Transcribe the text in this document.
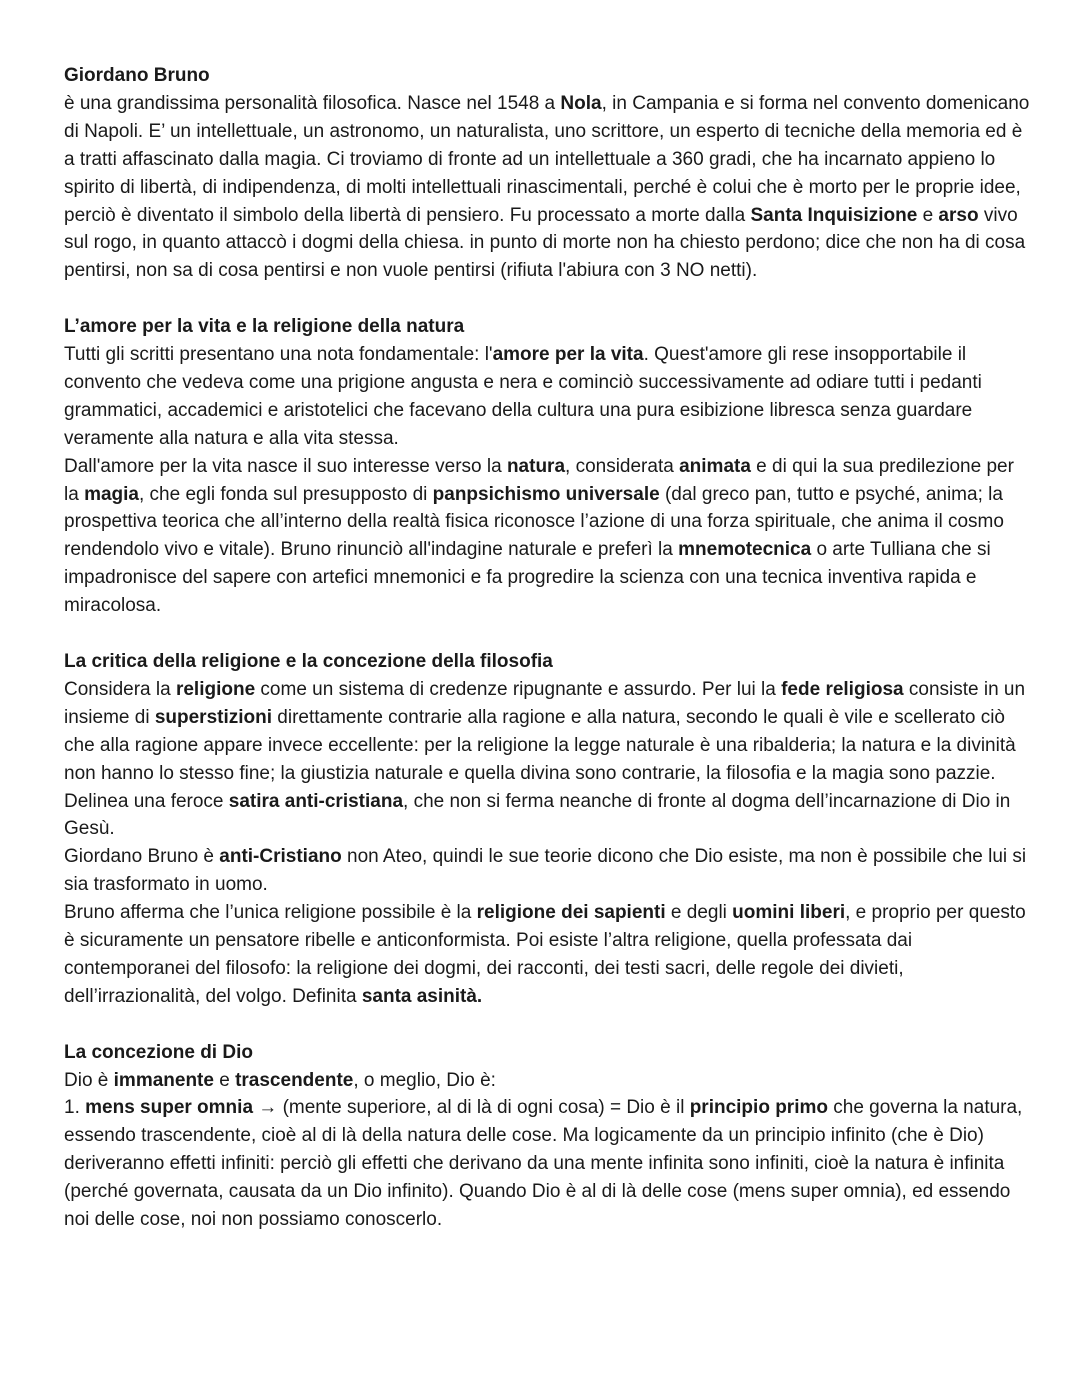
Giordano Bruno
è una grandissima personalità filosofica. Nasce nel 1548 a Nola, in Campania e si forma nel convento domenicano di Napoli. E’ un intellettuale, un astronomo, un naturalista, uno scrittore, un esperto di tecniche della memoria ed è a tratti affascinato dalla magia. Ci troviamo di fronte ad un intellettuale a 360 gradi, che ha incarnato appieno lo spirito di libertà, di indipendenza, di molti intellettuali rinascimentali, perché è colui che è morto per le proprie idee, perciò è diventato il simbolo della libertà di pensiero. Fu processato a morte dalla Santa Inquisizione e arso vivo sul rogo, in quanto attaccò i dogmi della chiesa. in punto di morte non ha chiesto perdono; dice che non ha di cosa pentirsi, non sa di cosa pentirsi e non vuole pentirsi (rifiuta l'abiura con 3 NO netti).
L’amore per la vita e la religione della natura
Tutti gli scritti presentano una nota fondamentale: l'amore per la vita. Quest'amore gli rese insopportabile il convento che vedeva come una prigione angusta e nera e cominciò successivamente ad odiare tutti i pedanti grammatici, accademici e aristotelici che facevano della cultura una pura esibizione libresca senza guardare veramente alla natura e alla vita stessa.
Dall'amore per la vita nasce il suo interesse verso la natura, considerata animata e di qui la sua predilezione per la magia, che egli fonda sul presupposto di panpsichismo universale (dal greco pan, tutto e psyché, anima; la prospettiva teorica che all’interno della realtà fisica riconosce l’azione di una forza spirituale, che anima il cosmo rendendolo vivo e vitale). Bruno rinunciò all'indagine naturale e preferì la mnemotecnica o arte Tulliana che si impadronisce del sapere con artefici mnemonici e fa progredire la scienza con una tecnica inventiva rapida e miracolosa.
La critica della religione e la concezione della filosofia
Considera la religione come un sistema di credenze ripugnante e assurdo. Per lui la fede religiosa consiste in un insieme di superstizioni direttamente contrarie alla ragione e alla natura, secondo le quali è vile e scellerato ciò che alla ragione appare invece eccellente: per la religione la legge naturale è una ribalderia; la natura e la divinità non hanno lo stesso fine; la giustizia naturale e quella divina sono contrarie, la filosofia e la magia sono pazzie.
Delinea una feroce satira anti-cristiana, che non si ferma neanche di fronte al dogma dell’incarnazione di Dio in Gesù.
Giordano Bruno è anti-Cristiano non Ateo, quindi le sue teorie dicono che Dio esiste, ma non è possibile che lui si sia trasformato in uomo.
Bruno afferma che l’unica religione possibile è la religione dei sapienti e degli uomini liberi, e proprio per questo è sicuramente un pensatore ribelle e anticonformista. Poi esiste l’altra religione, quella professata dai contemporanei del filosofo: la religione dei dogmi, dei racconti, dei testi sacri, delle regole dei divieti, dell’irrazionalità, del volgo. Definita santa asinità.
La concezione di Dio
Dio è immanente e trascendente, o meglio, Dio è:
1. mens super omnia → (mente superiore, al di là di ogni cosa) = Dio è il principio primo che governa la natura, essendo trascendente, cioè al di là della natura delle cose. Ma logicamente da un principio infinito (che è Dio) deriveranno effetti infiniti: perciò gli effetti che derivano da una mente infinita sono infiniti, cioè la natura è infinita (perché governata, causata da un Dio infinito). Quando Dio è al di là delle cose (mens super omnia), ed essendo noi delle cose, noi non possiamo conoscerlo.
